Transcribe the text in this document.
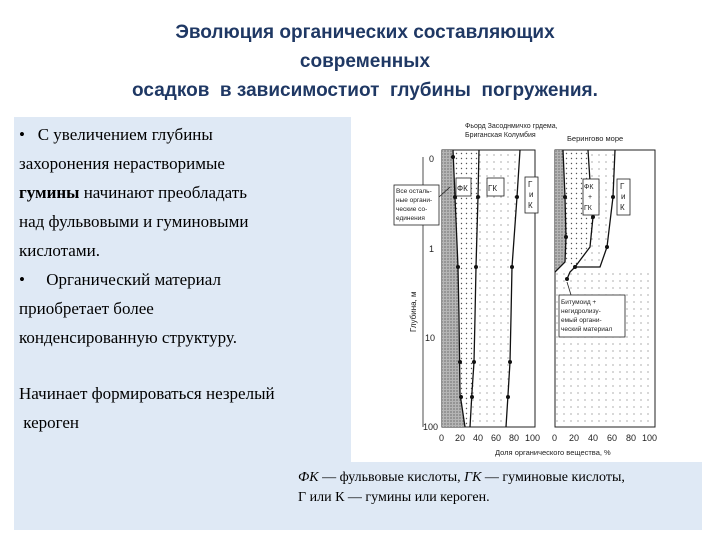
Эволюция органических составляющих
современных
осадков  в зависимостиот  глубины  погружения.
• С увеличением глубины
захоронения нерастворимые
гумины начинают преобладать
над фульвовыми и гуминовыми
кислотами.
• Органический материал
приобретает более
конденсированную структуру.
Начинает формироваться незрелый
кероген
ФК — фульвовые кислоты, ГК — гуминовые кислоты,
Г или К — гумины или кероген.
Фьорд Засоднмичхо грдема,
Бриганская Колумбия	Берингово море
Глубина, м
0
1
10
100
0 20 40 60 80 100 0 20 40 60 80 100
Доля органического вещества, %
Все осталь-
ные органи-
ческие со-
единения
ФК	ГК	Г
и
К
ФК
+
ГК
Г
и
К
Битумоид +
негидролизу-
емый органи-
ческий материал
